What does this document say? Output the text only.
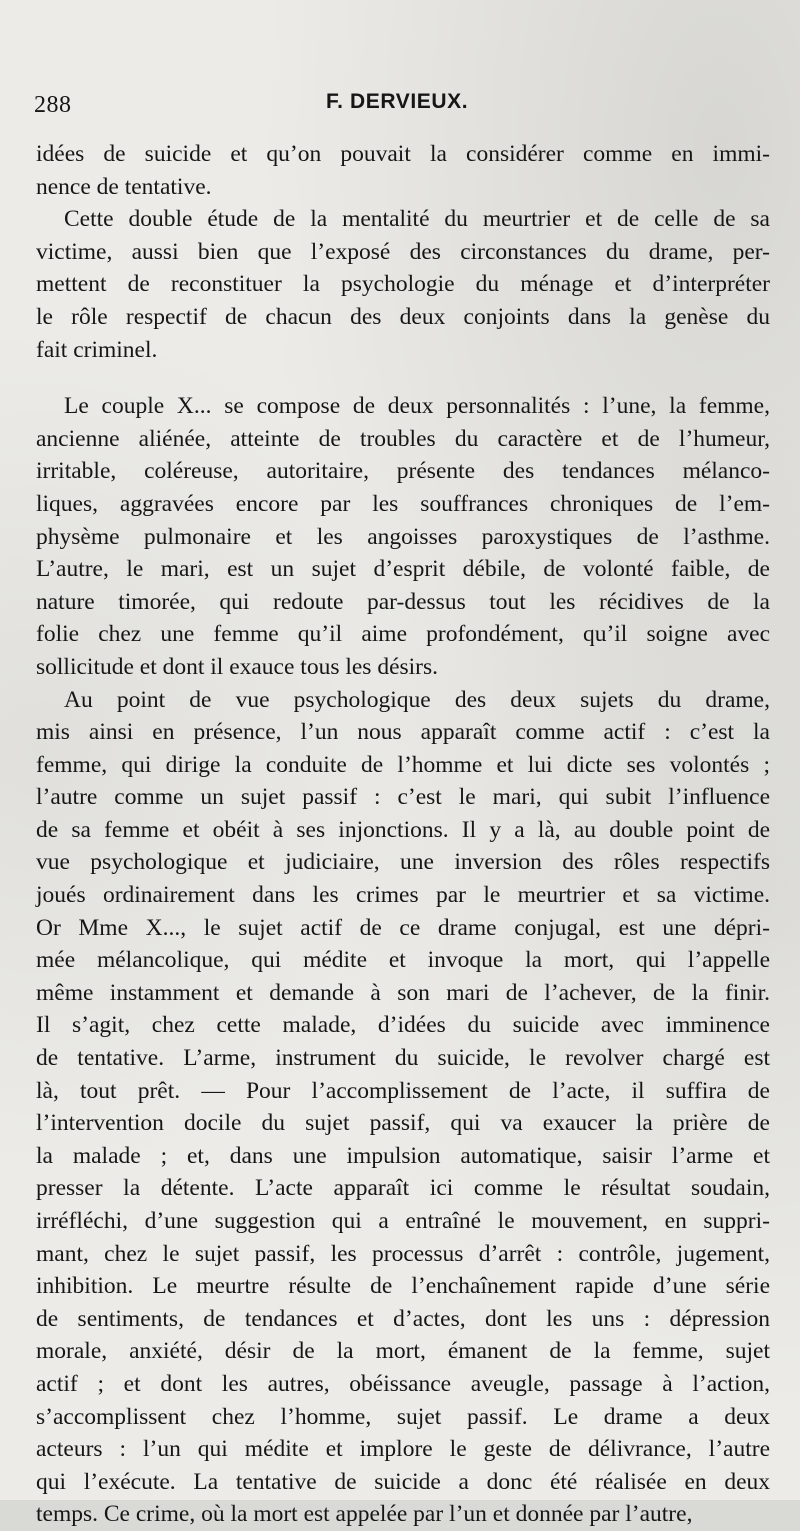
288	F. DERVIEUX.
idées de suicide et qu’on pouvait la considérer comme en immi-
nence de tentative.
Cette double étude de la mentalité du meurtrier et de celle de sa
victime, aussi bien que l’exposé des circonstances du drame, per-
mettent de reconstituer la psychologie du ménage et d’interpréter
le rôle respectif de chacun des deux conjoints dans la genèse du
fait criminel.
Le couple X... se compose de deux personnalités : l’une, la femme,
ancienne aliénée, atteinte de troubles du caractère et de l’humeur,
irritable, coléreuse, autoritaire, présente des tendances mélanco-
liques, aggravées encore par les souffrances chroniques de l’em-
physème pulmonaire et les angoisses paroxystiques de l’asthme.
L’autre, le mari, est un sujet d’esprit débile, de volonté faible, de
nature timorée, qui redoute par-dessus tout les récidives de la
folie chez une femme qu’il aime profondément, qu’il soigne avec
sollicitude et dont il exauce tous les désirs.
Au point de vue psychologique des deux sujets du drame,
mis ainsi en présence, l’un nous apparaît comme actif : c’est la
femme, qui dirige la conduite de l’homme et lui dicte ses volontés ;
l’autre comme un sujet passif : c’est le mari, qui subit l’influence
de sa femme et obéit à ses injonctions. Il y a là, au double point de
vue psychologique et judiciaire, une inversion des rôles respectifs
joués ordinairement dans les crimes par le meurtrier et sa victime.
Or Mme X..., le sujet actif de ce drame conjugal, est une dépri-
mée mélancolique, qui médite et invoque la mort, qui l’appelle
même instamment et demande à son mari de l’achever, de la finir.
Il s’agit, chez cette malade, d’idées du suicide avec imminence
de tentative. L’arme, instrument du suicide, le revolver chargé est
là, tout prêt. — Pour l’accomplissement de l’acte, il suffira de
l’intervention docile du sujet passif, qui va exaucer la prière de
la malade ; et, dans une impulsion automatique, saisir l’arme et
presser la détente. L’acte apparaît ici comme le résultat soudain,
irréfléchi, d’une suggestion qui a entraîné le mouvement, en suppri-
mant, chez le sujet passif, les processus d’arrêt : contrôle, jugement,
inhibition. Le meurtre résulte de l’enchaînement rapide d’une série
de sentiments, de tendances et d’actes, dont les uns : dépression
morale, anxiété, désir de la mort, émanent de la femme, sujet
actif ; et dont les autres, obéissance aveugle, passage à l’action,
s’accomplissent chez l’homme, sujet passif. Le drame a deux
acteurs : l’un qui médite et implore le geste de délivrance, l’autre
qui l’exécute. La tentative de suicide a donc été réalisée en deux
temps. Ce crime, où la mort est appelée par l’un et donnée par l’autre,
